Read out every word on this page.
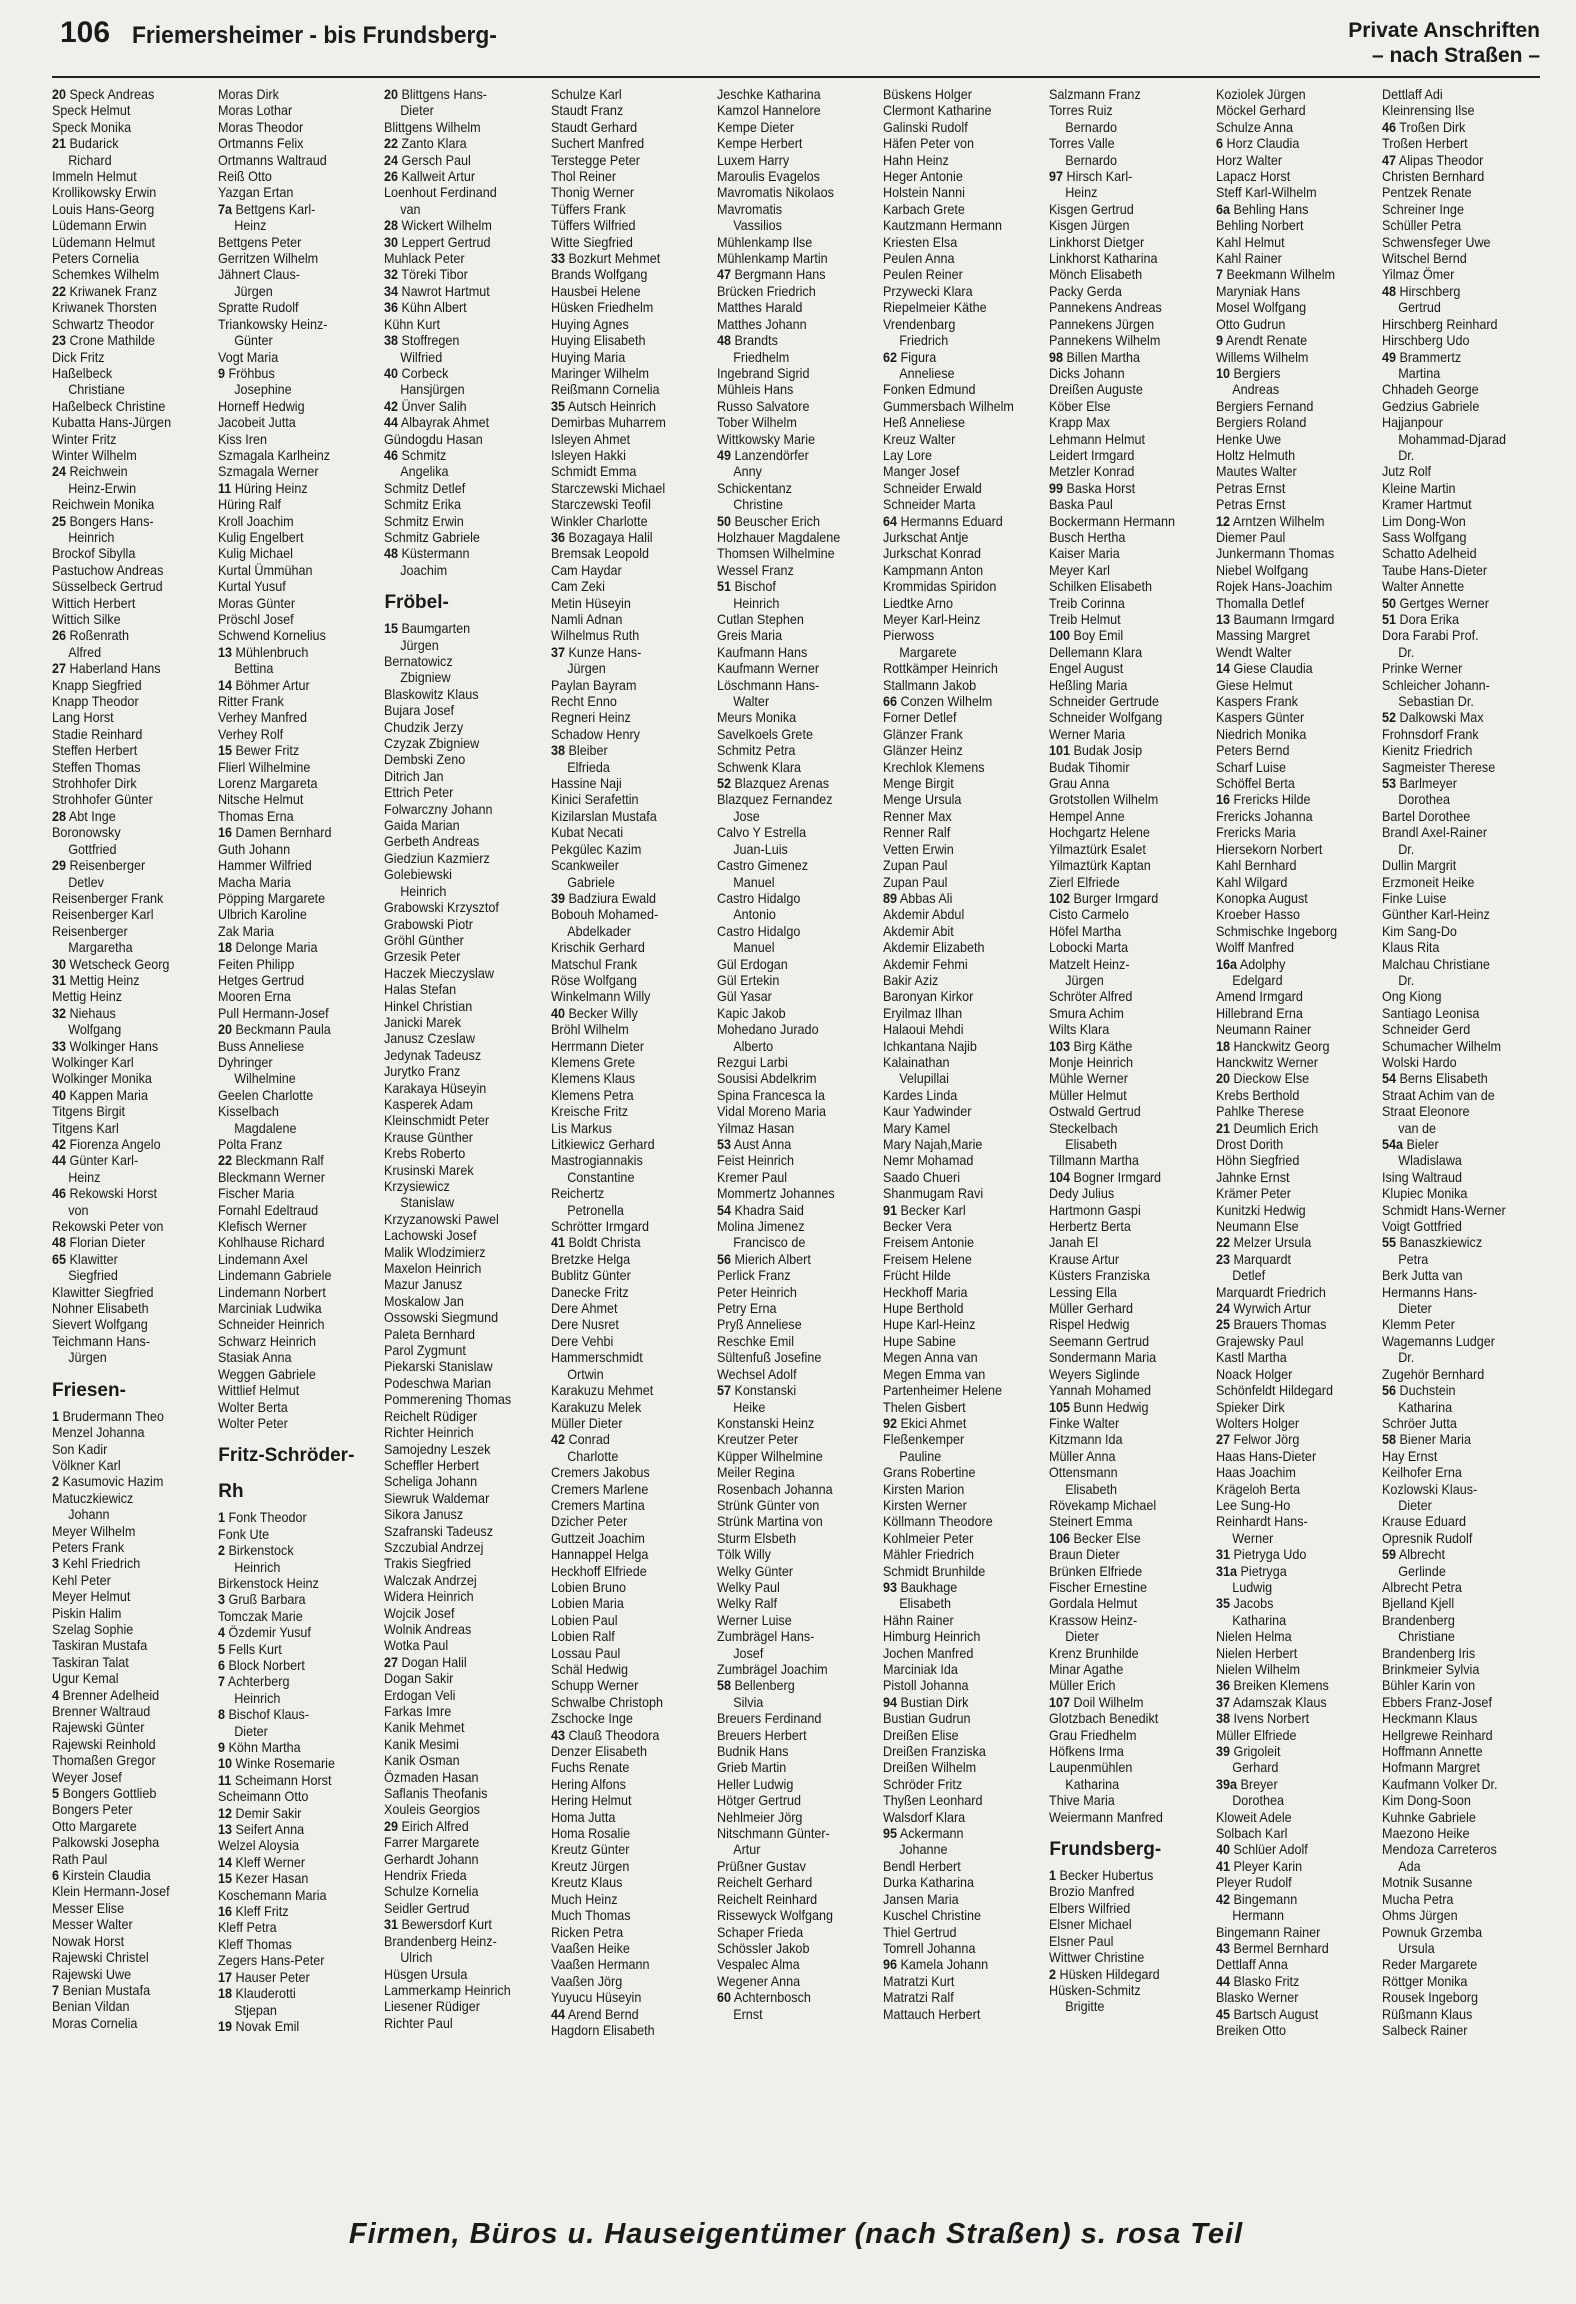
106 Friemersheimer - bis Frundsberg-	Private Anschriften
– nach Straßen –
20 Speck Andreas
Speck Helmut
Speck Monika
21 Budarick
Richard
Immeln Helmut
Krollikowsky Erwin
Louis Hans-Georg
Lüdemann Erwin
Lüdemann Helmut
Peters Cornelia
Schemkes Wilhelm
22 Kriwanek Franz
Kriwanek Thorsten
Schwartz Theodor
23 Crone Mathilde
Dick Fritz
Haßelbeck
Christiane
Haßelbeck Christine
Kubatta Hans-Jürgen
Winter Fritz
Winter Wilhelm
24 Reichwein
Heinz-Erwin
Reichwein Monika
25 Bongers Hans-
Heinrich
Brockof Sibylla
Pastuchow Andreas
Süsselbeck Gertrud
Wittich Herbert
Wittich Silke
26 Roßenrath
Alfred
27 Haberland Hans
Knapp Siegfried
Knapp Theodor
Lang Horst
Stadie Reinhard
Steffen Herbert
Steffen Thomas
Strohhofer Dirk
Strohhofer Günter
28 Abt Inge
Boronowsky
Gottfried
29 Reisenberger
Detlev
Reisenberger Frank
Reisenberger Karl
Reisenberger
Margaretha
30 Wetscheck Georg
31 Mettig Heinz
Mettig Heinz
32 Niehaus
Wolfgang
33 Wolkinger Hans
Wolkinger Karl
Wolkinger Monika
40 Kappen Maria
Titgens Birgit
Titgens Karl
42 Fiorenza Angelo
44 Günter Karl-
Heinz
46 Rekowski Horst
von
Rekowski Peter von
48 Florian Dieter
65 Klawitter
Siegfried
Klawitter Siegfried
Nohner Elisabeth
Sievert Wolfgang
Teichmann Hans-
Jürgen
Friesen-
1 Brudermann Theo
Menzel Johanna
Son Kadir
Völkner Karl
2 Kasumovic Hazim
Matuczkiewicz
Johann
Meyer Wilhelm
Peters Frank
3 Kehl Friedrich
Kehl Peter
Meyer Helmut
Piskin Halim
Szelag Sophie
Taskiran Mustafa
Taskiran Talat
Ugur Kemal
4 Brenner Adelheid
Brenner Waltraud
Rajewski Günter
Rajewski Reinhold
Thomaßen Gregor
Weyer Josef
5 Bongers Gottlieb
Bongers Peter
Otto Margarete
Palkowski Josepha
Rath Paul
6 Kirstein Claudia
Klein Hermann-Josef
Messer Elise
Messer Walter
Nowak Horst
Rajewski Christel
Rajewski Uwe
7 Benian Mustafa
Benian Vildan
Moras Cornelia
Moras Dirk
Moras Lothar
Moras Theodor
Ortmanns Felix
Ortmanns Waltraud
Reiß Otto
Yazgan Ertan
7a Bettgens Karl-
Heinz
Bettgens Peter
Gerritzen Wilhelm
Jähnert Claus-
Jürgen
Spratte Rudolf
Triankowsky Heinz-
Günter
Vogt Maria
9 Fröhbus
Josephine
Horneff Hedwig
Jacobeit Jutta
Kiss Iren
Szmagala Karlheinz
Szmagala Werner
11 Hüring Heinz
Hüring Ralf
Kroll Joachim
Kulig Engelbert
Kulig Michael
Kurtal Ümmühan
Kurtal Yusuf
Moras Günter
Pröschl Josef
Schwend Kornelius
13 Mühlenbruch
Bettina
14 Böhmer Artur
Ritter Frank
Verhey Manfred
Verhey Rolf
15 Bewer Fritz
Flierl Wilhelmine
Lorenz Margareta
Nitsche Helmut
Thomas Erna
16 Damen Bernhard
Guth Johann
Hammer Wilfried
Macha Maria
Pöpping Margarete
Ulbrich Karoline
Zak Maria
18 Delonge Maria
Feiten Philipp
Hetges Gertrud
Mooren Erna
Pull Hermann-Josef
20 Beckmann Paula
Buss Anneliese
Dyhringer
Wilhelmine
Geelen Charlotte
Kisselbach
Magdalene
Polta Franz
22 Bleckmann Ralf
Bleckmann Werner
Fischer Maria
Fornahl Edeltraud
Klefisch Werner
Kohlhause Richard
Lindemann Axel
Lindemann Gabriele
Lindemann Norbert
Marciniak Ludwika
Schneider Heinrich
Schwarz Heinrich
Stasiak Anna
Weggen Gabriele
Wittlief Helmut
Wolter Berta
Wolter Peter
Fritz-Schröder-
Rh
1 Fonk Theodor
Fonk Ute
2 Birkenstock
Heinrich
Birkenstock Heinz
3 Gruß Barbara
Tomczak Marie
4 Özdemir Yusuf
5 Fells Kurt
6 Block Norbert
7 Achterberg
Heinrich
8 Bischof Klaus-
Dieter
9 Köhn Martha
10 Winke Rosemarie
11 Scheimann Horst
Scheimann Otto
12 Demir Sakir
13 Seifert Anna
Welzel Aloysia
14 Kleff Werner
15 Kezer Hasan
Koschemann Maria
16 Kleff Fritz
Kleff Petra
Kleff Thomas
Zegers Hans-Peter
17 Hauser Peter
18 Klauderotti
Stjepan
19 Novak Emil
20 Blittgens Hans-
Dieter
Blittgens Wilhelm
22 Zanto Klara
24 Gersch Paul
26 Kallweit Artur
Loenhout Ferdinand
van
28 Wickert Wilhelm
30 Leppert Gertrud
Muhlack Peter
32 Töreki Tibor
34 Nawrot Hartmut
36 Kühn Albert
Kühn Kurt
38 Stoffregen
Wilfried
40 Corbeck
Hansjürgen
42 Ünver Salih
44 Albayrak Ahmet
Gündogdu Hasan
46 Schmitz
Angelika
Schmitz Detlef
Schmitz Erika
Schmitz Erwin
Schmitz Gabriele
48 Küstermann
Joachim
Fröbel-
15 Baumgarten
Jürgen
Bernatowicz
Zbigniew
Blaskowitz Klaus
Bujara Josef
Chudzik Jerzy
Czyzak Zbigniew
Dembski Zeno
Ditrich Jan
Ettrich Peter
Folwarczny Johann
Gaida Marian
Gerbeth Andreas
Giedziun Kazmierz
Golebiewski
Heinrich
Grabowski Krzysztof
Grabowski Piotr
Gröhl Günther
Grzesik Peter
Haczek Mieczyslaw
Halas Stefan
Hinkel Christian
Janicki Marek
Janusz Czeslaw
Jedynak Tadeusz
Jurytko Franz
Karakaya Hüseyin
Kasperek Adam
Kleinschmidt Peter
Krause Günther
Krebs Roberto
Krusinski Marek
Krzysiewicz
Stanislaw
Krzyzanowski Pawel
Lachowski Josef
Malik Wlodzimierz
Maxelon Heinrich
Mazur Janusz
Moskalow Jan
Ossowski Siegmund
Paleta Bernhard
Parol Zygmunt
Piekarski Stanislaw
Podeschwa Marian
Pommerening Thomas
Reichelt Rüdiger
Richter Heinrich
Samojedny Leszek
Scheffler Herbert
Scheliga Johann
Siewruk Waldemar
Sikora Janusz
Szafranski Tadeusz
Szczubial Andrzej
Trakis Siegfried
Walczak Andrzej
Widera Heinrich
Wojcik Josef
Wolnik Andreas
Wotka Paul
27 Dogan Halil
Dogan Sakir
Erdogan Veli
Farkas Imre
Kanik Mehmet
Kanik Mesimi
Kanik Osman
Özmaden Hasan
Saflanis Theofanis
Xouleis Georgios
29 Eirich Alfred
Farrer Margarete
Gerhardt Johann
Hendrix Frieda
Schulze Kornelia
Seidler Gertrud
31 Bewersdorf Kurt
Brandenberg Heinz-
Ulrich
Hüsgen Ursula
Lammerkamp Heinrich
Liesener Rüdiger
Richter Paul
Schulze Karl
Staudt Franz
Staudt Gerhard
Suchert Manfred
Terstegge Peter
Thol Reiner
Thonig Werner
Tüffers Frank
Tüffers Wilfried
Witte Siegfried
33 Bozkurt Mehmet
Brands Wolfgang
Hausbei Helene
Hüsken Friedhelm
Huying Agnes
Huying Elisabeth
Huying Maria
Maringer Wilhelm
Reißmann Cornelia
35 Autsch Heinrich
Demirbas Muharrem
Isleyen Ahmet
Isleyen Hakki
Schmidt Emma
Starczewski Michael
Starczewski Teofil
Winkler Charlotte
36 Bozagaya Halil
Bremsak Leopold
Cam Haydar
Cam Zeki
Metin Hüseyin
Namli Adnan
Wilhelmus Ruth
37 Kunze Hans-
Jürgen
Paylan Bayram
Recht Enno
Regneri Heinz
Schadow Henry
38 Bleiber
Elfrieda
Hassine Naji
Kinici Serafettin
Kizilarslan Mustafa
Kubat Necati
Pekgülec Kazim
Scankweiler
Gabriele
39 Badziura Ewald
Bobouh Mohamed-
Abdelkader
Krischik Gerhard
Matschul Frank
Röse Wolfgang
Winkelmann Willy
40 Becker Willy
Bröhl Wilhelm
Herrmann Dieter
Klemens Grete
Klemens Klaus
Klemens Petra
Kreische Fritz
Lis Markus
Litkiewicz Gerhard
Mastrogiannakis
Constantine
Reichertz
Petronella
Schrötter Irmgard
41 Boldt Christa
Bretzke Helga
Bublitz Günter
Danecke Fritz
Dere Ahmet
Dere Nusret
Dere Vehbi
Hammerschmidt
Ortwin
Karakuzu Mehmet
Karakuzu Melek
Müller Dieter
42 Conrad
Charlotte
Cremers Jakobus
Cremers Marlene
Cremers Martina
Dzicher Peter
Guttzeit Joachim
Hannappel Helga
Heckhoff Elfriede
Lobien Bruno
Lobien Maria
Lobien Paul
Lobien Ralf
Lossau Paul
Schäl Hedwig
Schupp Werner
Schwalbe Christoph
Zschocke Inge
43 Clauß Theodora
Denzer Elisabeth
Fuchs Renate
Hering Alfons
Hering Helmut
Homa Jutta
Homa Rosalie
Kreutz Günter
Kreutz Jürgen
Kreutz Klaus
Much Heinz
Much Thomas
Ricken Petra
Vaaßen Heike
Vaaßen Hermann
Vaaßen Jörg
Yuyucu Hüseyin
44 Arend Bernd
Hagdorn Elisabeth
Jeschke Katharina
Kamzol Hannelore
Kempe Dieter
Kempe Herbert
Luxem Harry
Maroulis Evagelos
Mavromatis Nikolaos
Mavromatis
Vassilios
Mühlenkamp Ilse
Mühlenkamp Martin
47 Bergmann Hans
Brücken Friedrich
Matthes Harald
Matthes Johann
48 Brandts
Friedhelm
Ingebrand Sigrid
Mühleis Hans
Russo Salvatore
Tober Wilhelm
Wittkowsky Marie
49 Lanzendörfer
Anny
Schickentanz
Christine
50 Beuscher Erich
Holzhauer Magdalene
Thomsen Wilhelmine
Wessel Franz
51 Bischof
Heinrich
Cutlan Stephen
Greis Maria
Kaufmann Hans
Kaufmann Werner
Löschmann Hans-
Walter
Meurs Monika
Savelkoels Grete
Schmitz Petra
Schwenk Klara
52 Blazquez Arenas
Blazquez Fernandez
Jose
Calvo Y Estrella
Juan-Luis
Castro Gimenez
Manuel
Castro Hidalgo
Antonio
Castro Hidalgo
Manuel
Gül Erdogan
Gül Ertekin
Gül Yasar
Kapic Jakob
Mohedano Jurado
Alberto
Rezgui Larbi
Sousisi Abdelkrim
Spina Francesca la
Vidal Moreno Maria
Yilmaz Hasan
53 Aust Anna
Feist Heinrich
Kremer Paul
Mommertz Johannes
54 Khadra Said
Molina Jimenez
Francisco de
56 Mierich Albert
Perlick Franz
Peter Heinrich
Petry Erna
Pryß Anneliese
Reschke Emil
Sültenfuß Josefine
Wechsel Adolf
57 Konstanski
Heike
Konstanski Heinz
Kreutzer Peter
Küpper Wilhelmine
Meiler Regina
Rosenbach Johanna
Strünk Günter von
Strünk Martina von
Sturm Elsbeth
Tölk Willy
Welky Günter
Welky Paul
Welky Ralf
Werner Luise
Zumbrägel Hans-
Josef
Zumbrägel Joachim
58 Bellenberg
Silvia
Breuers Ferdinand
Breuers Herbert
Budnik Hans
Grieb Martin
Heller Ludwig
Hötger Gertrud
Nehlmeier Jörg
Nitschmann Günter-
Artur
Prüßner Gustav
Reichelt Gerhard
Reichelt Reinhard
Rissewyck Wolfgang
Schaper Frieda
Schössler Jakob
Vespalec Alma
Wegener Anna
60 Achternbosch
Ernst
Büskens Holger
Clermont Katharine
Galinski Rudolf
Häfen Peter von
Hahn Heinz
Heger Antonie
Holstein Nanni
Karbach Grete
Kautzmann Hermann
Kriesten Elsa
Peulen Anna
Peulen Reiner
Przywecki Klara
Riepelmeier Käthe
Vrendenbarg
Friedrich
62 Figura
Anneliese
Fonken Edmund
Gummersbach Wilhelm
Heß Anneliese
Kreuz Walter
Lay Lore
Manger Josef
Schneider Erwald
Schneider Marta
64 Hermanns Eduard
Jurkschat Antje
Jurkschat Konrad
Kampmann Anton
Krommidas Spiridon
Liedtke Arno
Meyer Karl-Heinz
Pierwoss
Margarete
Rottkämper Heinrich
Stallmann Jakob
66 Conzen Wilhelm
Forner Detlef
Glänzer Frank
Glänzer Heinz
Krechlok Klemens
Menge Birgit
Menge Ursula
Renner Max
Renner Ralf
Vetten Erwin
Zupan Paul
Zupan Paul
89 Abbas Ali
Akdemir Abdul
Akdemir Abit
Akdemir Elizabeth
Akdemir Fehmi
Bakir Aziz
Baronyan Kirkor
Eryilmaz Ilhan
Halaoui Mehdi
Ichkantana Najib
Kalainathan
Velupillai
Kardes Linda
Kaur Yadwinder
Mary Kamel
Mary Najah,Marie
Nemr Mohamad
Saado Chueri
Shanmugam Ravi
91 Becker Karl
Becker Vera
Freisem Antonie
Freisem Helene
Frücht Hilde
Heckhoff Maria
Hupe Berthold
Hupe Karl-Heinz
Hupe Sabine
Megen Anna van
Megen Emma van
Partenheimer Helene
Thelen Gisbert
92 Ekici Ahmet
Fleßenkemper
Pauline
Grans Robertine
Kirsten Marion
Kirsten Werner
Köllmann Theodore
Kohlmeier Peter
Mähler Friedrich
Schmidt Brunhilde
93 Baukhage
Elisabeth
Hähn Rainer
Himburg Heinrich
Jochen Manfred
Marciniak Ida
Pistoll Johanna
94 Bustian Dirk
Bustian Gudrun
Dreißen Elise
Dreißen Franziska
Dreißen Wilhelm
Schröder Fritz
Thyßen Leonhard
Walsdorf Klara
95 Ackermann
Johanne
Bendl Herbert
Durka Katharina
Jansen Maria
Kuschel Christine
Thiel Gertrud
Tomrell Johanna
96 Kamela Johann
Matratzi Kurt
Matratzi Ralf
Mattauch Herbert
Salzmann Franz
Torres Ruiz
Bernardo
Torres Valle
Bernardo
97 Hirsch Karl-
Heinz
Kisgen Gertrud
Kisgen Jürgen
Linkhorst Dietger
Linkhorst Katharina
Mönch Elisabeth
Packy Gerda
Pannekens Andreas
Pannekens Jürgen
Pannekens Wilhelm
98 Billen Martha
Dicks Johann
Dreißen Auguste
Köber Else
Krapp Max
Lehmann Helmut
Leidert Irmgard
Metzler Konrad
99 Baska Horst
Baska Paul
Bockermann Hermann
Busch Hertha
Kaiser Maria
Meyer Karl
Schilken Elisabeth
Treib Corinna
Treib Helmut
100 Boy Emil
Dellemann Klara
Engel August
Heßling Maria
Schneider Gertrude
Schneider Wolfgang
Werner Maria
101 Budak Josip
Budak Tihomir
Grau Anna
Grotstollen Wilhelm
Hempel Anne
Hochgartz Helene
Yilmaztürk Esalet
Yilmaztürk Kaptan
Zierl Elfriede
102 Burger Irmgard
Cisto Carmelo
Höfel Martha
Lobocki Marta
Matzelt Heinz-
Jürgen
Schröter Alfred
Smura Achim
Wilts Klara
103 Birg Käthe
Monje Heinrich
Mühle Werner
Müller Helmut
Ostwald Gertrud
Steckelbach
Elisabeth
Tillmann Martha
104 Bogner Irmgard
Dedy Julius
Hartmonn Gaspi
Herbertz Berta
Janah El
Krause Artur
Küsters Franziska
Lessing Ella
Müller Gerhard
Rispel Hedwig
Seemann Gertrud
Sondermann Maria
Weyers Siglinde
Yannah Mohamed
105 Bunn Hedwig
Finke Walter
Kitzmann Ida
Müller Anna
Ottensmann
Elisabeth
Rövekamp Michael
Steinert Emma
106 Becker Else
Braun Dieter
Brünken Elfriede
Fischer Ernestine
Gordala Helmut
Krassow Heinz-
Dieter
Krenz Brunhilde
Minar Agathe
Müller Erich
107 Doil Wilhelm
Glotzbach Benedikt
Grau Friedhelm
Höfkens Irma
Laupenmühlen
Katharina
Thive Maria
Weiermann Manfred
Frundsberg-
1 Becker Hubertus
Brozio Manfred
Elbers Wilfried
Elsner Michael
Elsner Paul
Wittwer Christine
2 Hüsken Hildegard
Hüsken-Schmitz
Brigitte
Koziolek Jürgen
Möckel Gerhard
Schulze Anna
6 Horz Claudia
Horz Walter
Lapacz Horst
Steff Karl-Wilhelm
6a Behling Hans
Behling Norbert
Kahl Helmut
Kahl Rainer
7 Beekmann Wilhelm
Maryniak Hans
Mosel Wolfgang
Otto Gudrun
9 Arendt Renate
Willems Wilhelm
10 Bergiers
Andreas
Bergiers Fernand
Bergiers Roland
Henke Uwe
Holtz Helmuth
Mautes Walter
Petras Ernst
Petras Ernst
12 Arntzen Wilhelm
Diemer Paul
Junkermann Thomas
Niebel Wolfgang
Rojek Hans-Joachim
Thomalla Detlef
13 Baumann Irmgard
Massing Margret
Wendt Walter
14 Giese Claudia
Giese Helmut
Kaspers Frank
Kaspers Günter
Niedrich Monika
Peters Bernd
Scharf Luise
Schöffel Berta
16 Frericks Hilde
Frericks Johanna
Frericks Maria
Hiersekorn Norbert
Kahl Bernhard
Kahl Wilgard
Konopka August
Kroeber Hasso
Schmischke Ingeborg
Wolff Manfred
16a Adolphy
Edelgard
Amend Irmgard
Hillebrand Erna
Neumann Rainer
18 Hanckwitz Georg
Hanckwitz Werner
20 Dieckow Else
Krebs Berthold
Pahlke Therese
21 Deumlich Erich
Drost Dorith
Höhn Siegfried
Jahnke Ernst
Krämer Peter
Kunitzki Hedwig
Neumann Else
22 Melzer Ursula
23 Marquardt
Detlef
Marquardt Friedrich
24 Wyrwich Artur
25 Brauers Thomas
Grajewsky Paul
Kastl Martha
Noack Holger
Schönfeldt Hildegard
Spieker Dirk
Wolters Holger
27 Felwor Jörg
Haas Hans-Dieter
Haas Joachim
Krägeloh Berta
Lee Sung-Ho
Reinhardt Hans-
Werner
31 Pietryga Udo
31a Pietryga
Ludwig
35 Jacobs
Katharina
Nielen Helma
Nielen Herbert
Nielen Wilhelm
36 Breiken Klemens
37 Adamszak Klaus
38 Ivens Norbert
Müller Elfriede
39 Grigoleit
Gerhard
39a Breyer
Dorothea
Kloweit Adele
Solbach Karl
40 Schlüer Adolf
41 Pleyer Karin
Pleyer Rudolf
42 Bingemann
Hermann
Bingemann Rainer
43 Bermel Bernhard
Dettlaff Anna
44 Blasko Fritz
Blasko Werner
45 Bartsch August
Breiken Otto
Dettlaff Adi
Kleinrensing Ilse
46 Troßen Dirk
Troßen Herbert
47 Alipas Theodor
Christen Bernhard
Pentzek Renate
Schreiner Inge
Schüller Petra
Schwensfeger Uwe
Witschel Bernd
Yilmaz Ömer
48 Hirschberg
Gertrud
Hirschberg Reinhard
Hirschberg Udo
49 Brammertz
Martina
Chhadeh George
Gedzius Gabriele
Hajjanpour
Mohammad-Djarad
Dr.
Jutz Rolf
Kleine Martin
Kramer Hartmut
Lim Dong-Won
Sass Wolfgang
Schatto Adelheid
Taube Hans-Dieter
Walter Annette
50 Gertges Werner
51 Dora Erika
Dora Farabi Prof.
Dr.
Prinke Werner
Schleicher Johann-
Sebastian Dr.
52 Dalkowski Max
Frohnsdorf Frank
Kienitz Friedrich
Sagmeister Therese
53 Barlmeyer
Dorothea
Bartel Dorothee
Brandl Axel-Rainer
Dr.
Dullin Margrit
Erzmoneit Heike
Finke Luise
Günther Karl-Heinz
Kim Sang-Do
Klaus Rita
Malchau Christiane
Dr.
Ong Kiong
Santiago Leonisa
Schneider Gerd
Schumacher Wilhelm
Wolski Hardo
54 Berns Elisabeth
Straat Achim van de
Straat Eleonore
van de
54a Bieler
Wladislawa
Ising Waltraud
Klupiec Monika
Schmidt Hans-Werner
Voigt Gottfried
55 Banaszkiewicz
Petra
Berk Jutta van
Hermanns Hans-
Dieter
Klemm Peter
Wagemanns Ludger
Dr.
Zugehör Bernhard
56 Duchstein
Katharina
Schröer Jutta
58 Biener Maria
Hay Ernst
Keilhofer Erna
Kozlowski Klaus-
Dieter
Krause Eduard
Opresnik Rudolf
59 Albrecht
Gerlinde
Albrecht Petra
Bjelland Kjell
Brandenberg
Christiane
Brandenberg Iris
Brinkmeier Sylvia
Bühler Karin von
Ebbers Franz-Josef
Heckmann Klaus
Hellgrewe Reinhard
Hoffmann Annette
Hofmann Margret
Kaufmann Volker Dr.
Kim Dong-Soon
Kuhnke Gabriele
Maezono Heike
Mendoza Carreteros
Ada
Motnik Susanne
Mucha Petra
Ohms Jürgen
Pownuk Grzemba
Ursula
Reder Margarete
Röttger Monika
Rousek Ingeborg
Rüßmann Klaus
Salbeck Rainer
Firmen, Büros u. Hauseigentümer (nach Straßen) s. rosa Teil
